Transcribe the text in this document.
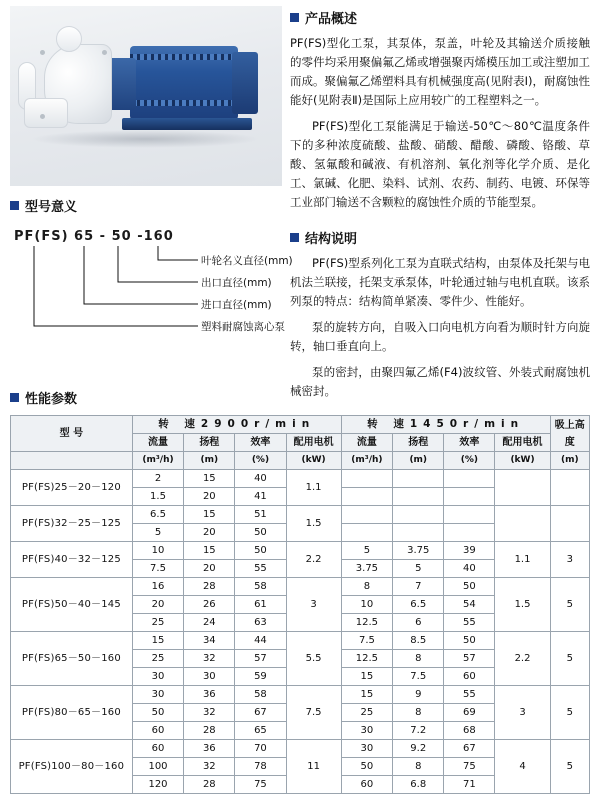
产品概述

PF(FS)型化工泵，其泵体，泵盖，叶轮及其输送介质接触的零件均采用聚偏氟乙烯或增强聚丙烯模压加工或注塑加工而成。聚偏氟乙烯塑料具有机械强度高(见附表Ⅰ)，耐腐蚀性能好(见附表Ⅱ)是国际上应用较广的工程塑料之一。

PF(FS)型化工泵能满足于输送-50℃～80℃温度条件下的多种浓度硫酸、盐酸、硝酸、醋酸、磷酸、铬酸、草酸、氢氟酸和碱液、有机溶剂、氧化剂等化学介质、是化工、氯碱、化肥、染料、试剂、农药、制药、电镀、环保等工业部门输送不含颗粒的腐蚀性介质的节能型泵。

结构说明

PF(FS)型系列化工泵为直联式结构，由泵体及托架与电机法兰联接，托架支承泵体，叶轮通过轴与电机直联。该系列泵的特点：结构简单紧凑、零件少、性能好。

泵的旋转方向，自吸入口向电机方向看为顺时针方向旋转，轴口垂直向上。

泵的密封，由聚四氟乙烯(F4)波纹管、外装式耐腐蚀机械密封。

型号意义
PF(FS) 65 - 50 -160
叶轮名义直径(mm)
出口直径(mm)
进口直径(mm)
塑料耐腐蚀离心泵
性能参数
型 号	转 速2900r/min				转 速1450r/min				吸上高度

	流量	扬程	效率	配用电机	流量	扬程	效率	配用电机	

	(m³/h)	(m)	(%)	(kW)	(m³/h)	(m)	(%)	(kW)	(m)
PF(FS)25－20－120	2	15	40	1.1					
	1.5	20	41						
PF(FS)32－25－125	6.5	15	51	1.5					
	5	20	50						
PF(FS)40－32－125	10	15	50	2.2	5	3.75	39	1.1	3
	7.5	20	55		3.75	5	40		
PF(FS)50－40－145	16	28	58	3	8	7	50	1.5	5
	20	26	61		10	6.5	54		
	25	24	63		12.5	6	55		
PF(FS)65－50－160	15	34	44	5.5	7.5	8.5	50	2.2	5
	25	32	57		12.5	8	57		
	30	30	59		15	7.5	60		
PF(FS)80－65－160	30	36	58	7.5	15	9	55	3	5
	50	32	67		25	8	69		
	60	28	65		30	7.2	68		
PF(FS)100－80－160	60	36	70	11	30	9.2	67	4	5
	100	32	78		50	8	75		
	120	28	75		60	6.8	71		
